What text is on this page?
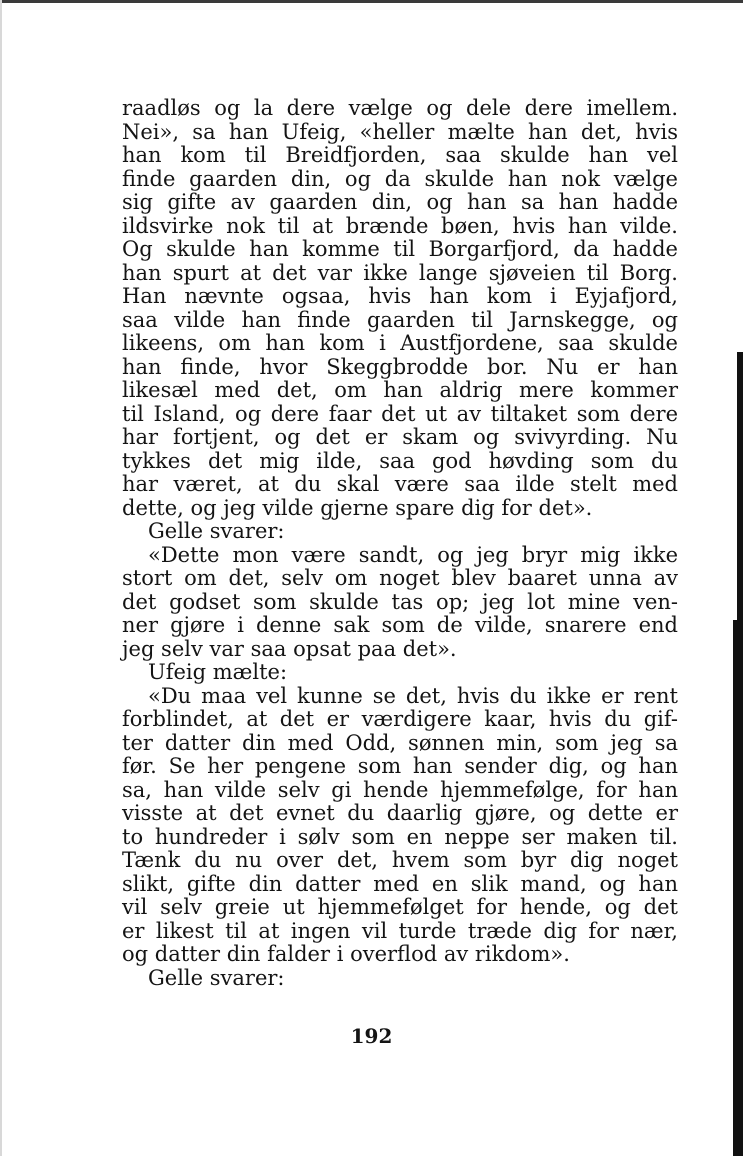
raadløs og la dere vælge og dele dere imellem.
Nei», sa han Ufeig, «heller mælte han det, hvis
han kom til Breidfjorden, saa skulde han vel
finde gaarden din, og da skulde han nok vælge
sig gifte av gaarden din, og han sa han hadde
ildsvirke nok til at brænde bøen, hvis han vilde.
Og skulde han komme til Borgarfjord, da hadde
han spurt at det var ikke lange sjøveien til Borg.
Han nævnte ogsaa, hvis han kom i Eyjafjord,
saa vilde han finde gaarden til Jarnskegge, og
likeens, om han kom i Austfjordene, saa skulde
han finde, hvor Skeggbrodde bor. Nu er han
likesæl med det, om han aldrig mere kommer
til Island, og dere faar det ut av tiltaket som dere
har fortjent, og det er skam og svivyrding. Nu
tykkes det mig ilde, saa god høvding som du
har været, at du skal være saa ilde stelt med
dette, og jeg vilde gjerne spare dig for det».
Gelle svarer:
«Dette mon være sandt, og jeg bryr mig ikke
stort om det, selv om noget blev baaret unna av
det godset som skulde tas op; jeg lot mine ven-
ner gjøre i denne sak som de vilde, snarere end
jeg selv var saa opsat paa det».
Ufeig mælte:
«Du maa vel kunne se det, hvis du ikke er rent
forblindet, at det er værdigere kaar, hvis du gif-
ter datter din med Odd, sønnen min, som jeg sa
før. Se her pengene som han sender dig, og han
sa, han vilde selv gi hende hjemmefølge, for han
visste at det evnet du daarlig gjøre, og dette er
to hundreder i sølv som en neppe ser maken til.
Tænk du nu over det, hvem som byr dig noget
slikt, gifte din datter med en slik mand, og han
vil selv greie ut hjemmefølget for hende, og det
er likest til at ingen vil turde træde dig for nær,
og datter din falder i overflod av rikdom».
Gelle svarer:
192
